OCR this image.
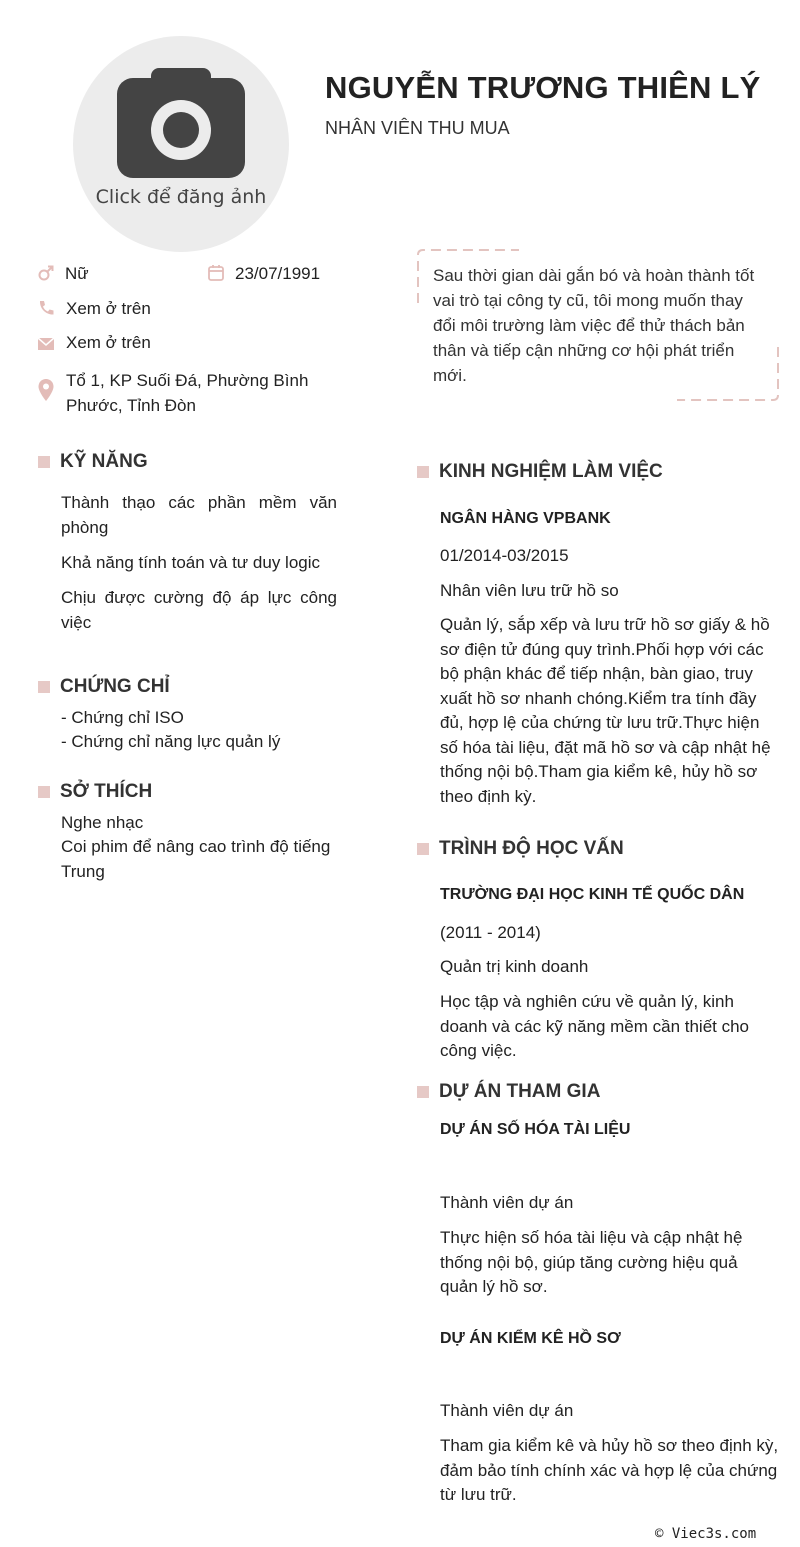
Click để đăng ảnh
NGUYỄN TRƯƠNG THIÊN LÝ
NHÂN VIÊN THU MUA
Nữ	23/07/1991
Xem ở trên
Xem ở trên
Tổ 1, KP Suối Đá, Phường Bình Phước, Tỉnh Đòn
Sau thời gian dài gắn bó và hoàn thành tốt vai trò tại công ty cũ, tôi mong muốn thay đổi môi trường làm việc để thử thách bản thân và tiếp cận những cơ hội phát triển mới.
KỸ NĂNG
Thành thạo các phần mềm văn phòng
Khả năng tính toán và tư duy logic
Chịu được cường độ áp lực công việc
CHỨNG CHỈ
- Chứng chỉ ISO
- Chứng chỉ năng lực quản lý
SỞ THÍCH
Nghe nhạc
Coi phim để nâng cao trình độ tiếng Trung
KINH NGHIỆM LÀM VIỆC
NGÂN HÀNG VPBANK
01/2014-03/2015
Nhân viên lưu trữ hồ so
Quản lý, sắp xếp và lưu trữ hồ sơ giấy & hồ sơ điện tử đúng quy trình.Phối hợp với các bộ phận khác để tiếp nhận, bàn giao, truy xuất hồ sơ nhanh chóng.Kiểm tra tính đầy đủ, hợp lệ của chứng từ lưu trữ.Thực hiện số hóa tài liệu, đặt mã hồ sơ và cập nhật hệ thống nội bộ.Tham gia kiểm kê, hủy hồ sơ theo định kỳ.
TRÌNH ĐỘ HỌC VẤN
TRƯỜNG ĐẠI HỌC KINH TẾ QUỐC DÂN
(2011 - 2014)
Quản trị kinh doanh
Học tập và nghiên cứu về quản lý, kinh doanh và các kỹ năng mềm cần thiết cho công việc.
DỰ ÁN THAM GIA
DỰ ÁN SỐ HÓA TÀI LIỆU
Thành viên dự án
Thực hiện số hóa tài liệu và cập nhật hệ thống nội bộ, giúp tăng cường hiệu quả quản lý hồ sơ.
DỰ ÁN KIỂM KÊ HỒ SƠ
Thành viên dự án
Tham gia kiểm kê và hủy hồ sơ theo định kỳ, đảm bảo tính chính xác và hợp lệ của chứng từ lưu trữ.
© Viec3s.com
